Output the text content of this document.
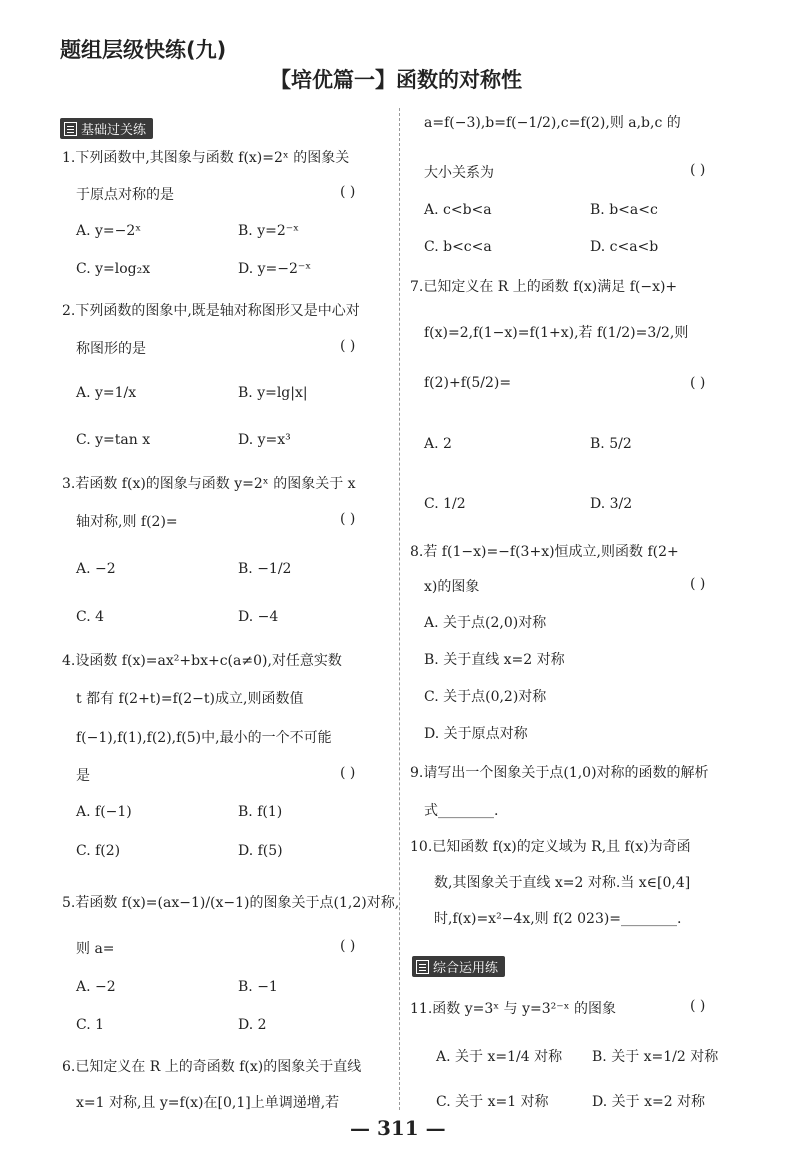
题组层级快练(九)
【培优篇一】函数的对称性
基础过关练
1.下列函数中,其图象与函数 f(x)=2ˣ 的图象关
于原点对称的是	( )
A. y=−2ˣ	B. y=2⁻ˣ
C. y=log₂x	D. y=−2⁻ˣ
2.下列函数的图象中,既是轴对称图形又是中心对
称图形的是	( )
A. y=1/x	B. y=lg|x|
C. y=tan x	D. y=x³
3.若函数 f(x)的图象与函数 y=2ˣ 的图象关于 x
轴对称,则 f(2)=	( )
A. −2	B. −1/2
C. 4	D. −4
4.设函数 f(x)=ax²+bx+c(a≠0),对任意实数
t 都有 f(2+t)=f(2−t)成立,则函数值
f(−1),f(1),f(2),f(5)中,最小的一个不可能
是	( )
A. f(−1)	B. f(1)
C. f(2)	D. f(5)
5.若函数 f(x)=(ax−1)/(x−1)的图象关于点(1,2)对称,
则 a=	( )
A. −2	B. −1
C. 1	D. 2
6.已知定义在 R 上的奇函数 f(x)的图象关于直线
x=1 对称,且 y=f(x)在[0,1]上单调递增,若
a=f(−3),b=f(−1/2),c=f(2),则 a,b,c 的
大小关系为	( )
A. c<b<a	B. b<a<c
C. b<c<a	D. c<a<b
7.已知定义在 R 上的函数 f(x)满足 f(−x)+
f(x)=2,f(1−x)=f(1+x),若 f(1/2)=3/2,则
f(2)+f(5/2)=	( )
A. 2	B. 5/2
C. 1/2	D. 3/2
8.若 f(1−x)=−f(3+x)恒成立,则函数 f(2+
x)的图象	( )
A. 关于点(2,0)对称
B. 关于直线 x=2 对称
C. 关于点(0,2)对称
D. 关于原点对称
9.请写出一个图象关于点(1,0)对称的函数的解析
式________.
10.已知函数 f(x)的定义域为 R,且 f(x)为奇函
数,其图象关于直线 x=2 对称.当 x∈[0,4]
时,f(x)=x²−4x,则 f(2 023)=________.
综合运用练
11.函数 y=3ˣ 与 y=3²⁻ˣ 的图象	( )
A. 关于 x=1/4 对称 B. 关于 x=1/2 对称
C. 关于 x=1 对称	D. 关于 x=2 对称
— 311 —
